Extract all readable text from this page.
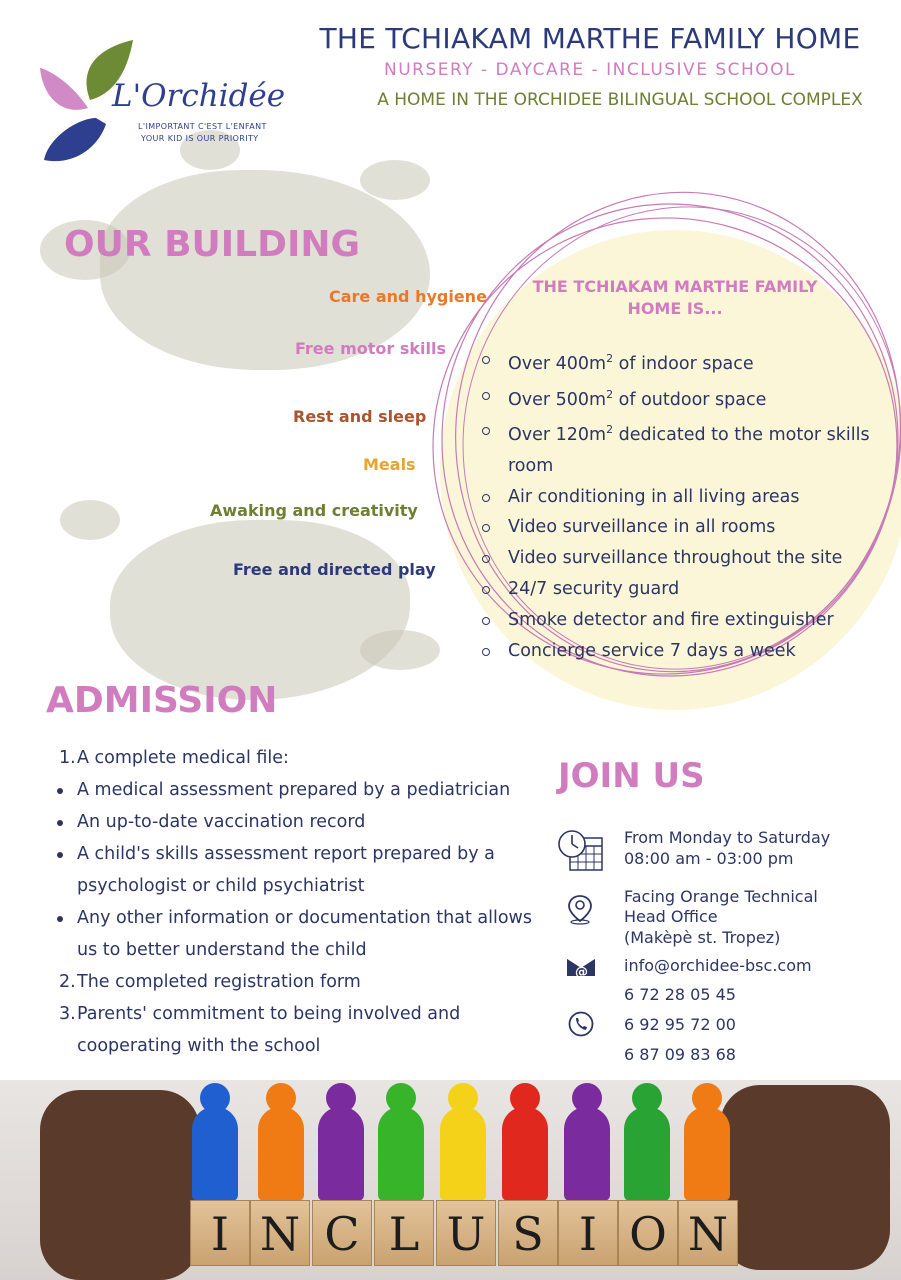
L'Orchidée
L'IMPORTANT C'EST L'ENFANT
YOUR KID IS OUR PRIORITY
THE TCHIAKAM MARTHE FAMILY HOME
NURSERY - DAYCARE - INCLUSIVE SCHOOL
A HOME IN THE ORCHIDEE BILINGUAL SCHOOL COMPLEX
OUR BUILDING
Care and hygiene
Free motor skills
Rest and sleep
Meals
Awaking and creativity
Free and directed play
THE TCHIAKAM MARTHE FAMILY HOME IS...
Over $400m^2$ of indoor space
Over $500m^2$ of outdoor space
Over $120m^2$ dedicated to the motor skills room
Air conditioning in all living areas
Video surveillance in all rooms
Video surveillance throughout the site
24/7 security guard
Smoke detector and fire extinguisher
Concierge service 7 days a week
ADMISSION
1. A complete medical file:
A medical assessment prepared by a pediatrician
An up-to-date vaccination record
A child's skills assessment report prepared by a psychologist or child psychiatrist
Any other information or documentation that allows us to better understand the child
2. The completed registration form
3. Parents' commitment to being involved and cooperating with the school
JOIN US
From Monday to Saturday
08:00 am - 03:00 pm
Facing Orange Technical
Head Office
(Makèpè st. Tropez)
@ info@orchidee-bsc.com
6 72 28 05 45
6 92 95 72 00
6 87 09 83 68
I N C L U S I O N
